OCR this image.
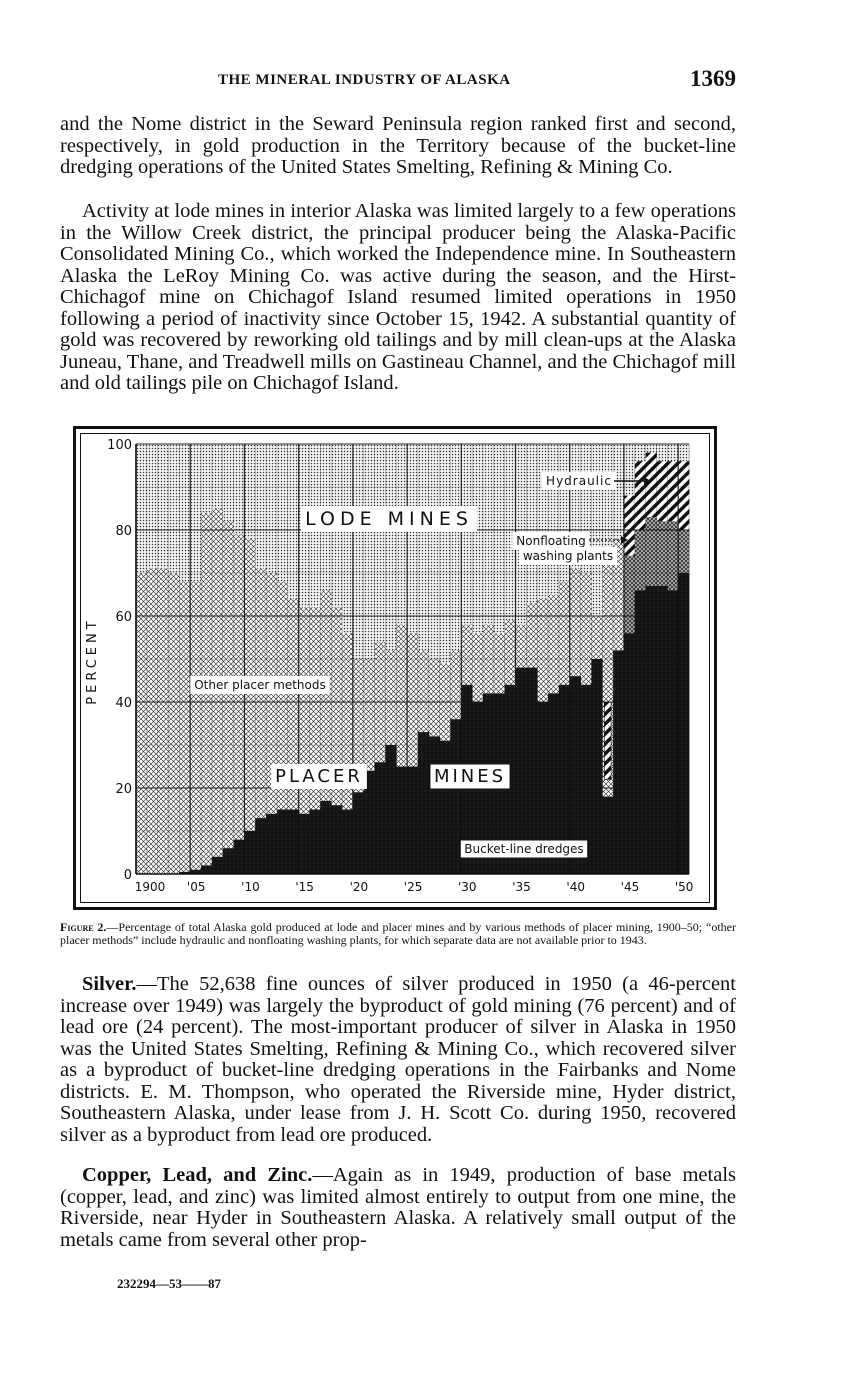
THE MINERAL INDUSTRY OF ALASKA	1369

and the Nome district in the Seward Peninsula region ranked first and second, respectively, in gold production in the Territory because of the bucket-line dredging operations of the United States Smelting, Refining & Mining Co.

Activity at lode mines in interior Alaska was limited largely to a few operations in the Willow Creek district, the principal producer being the Alaska-Pacific Consolidated Mining Co., which worked the Independence mine. In Southeastern Alaska the LeRoy Mining Co. was active during the season, and the Hirst-Chichagof mine on Chichagof Island resumed limited operations in 1950 following a period of inactivity since October 15, 1942. A substantial quantity of gold was recovered by reworking old tailings and by mill clean-ups at the Alaska Juneau, Thane, and Treadwell mills on Gastineau Channel, and the Chichagof mill and old tailings pile on Chichagof Island.

0
20
40
60
80
100
1900 '05	'10	'15	'20	'25	'30	'35	'40	'45	'50
PERCENT
LODE MINES
PLACER	MINES
Other placer methods
Hydraulic
Nonfloating
washing plants
Bucket-line dredges

Figure 2.—Percentage of total Alaska gold produced at lode and placer mines and by various methods of placer mining, 1900–50; “other placer methods” include hydraulic and nonfloating washing plants, for which separate data are not available prior to 1943.

Silver.—The 52,638 fine ounces of silver produced in 1950 (a 46-percent increase over 1949) was largely the byproduct of gold mining (76 percent) and of lead ore (24 percent). The most-important producer of silver in Alaska in 1950 was the United States Smelting, Refining & Mining Co., which recovered silver as a byproduct of bucket-line dredging operations in the Fairbanks and Nome districts. E. M. Thompson, who operated the Riverside mine, Hyder district, Southeastern Alaska, under lease from J. H. Scott Co. during 1950, recovered silver as a byproduct from lead ore produced.

Copper, Lead, and Zinc.—Again as in 1949, production of base metals (copper, lead, and zinc) was limited almost entirely to output from one mine, the Riverside, near Hyder in Southeastern Alaska. A relatively small output of the metals came from several other prop-

232294—53——87
